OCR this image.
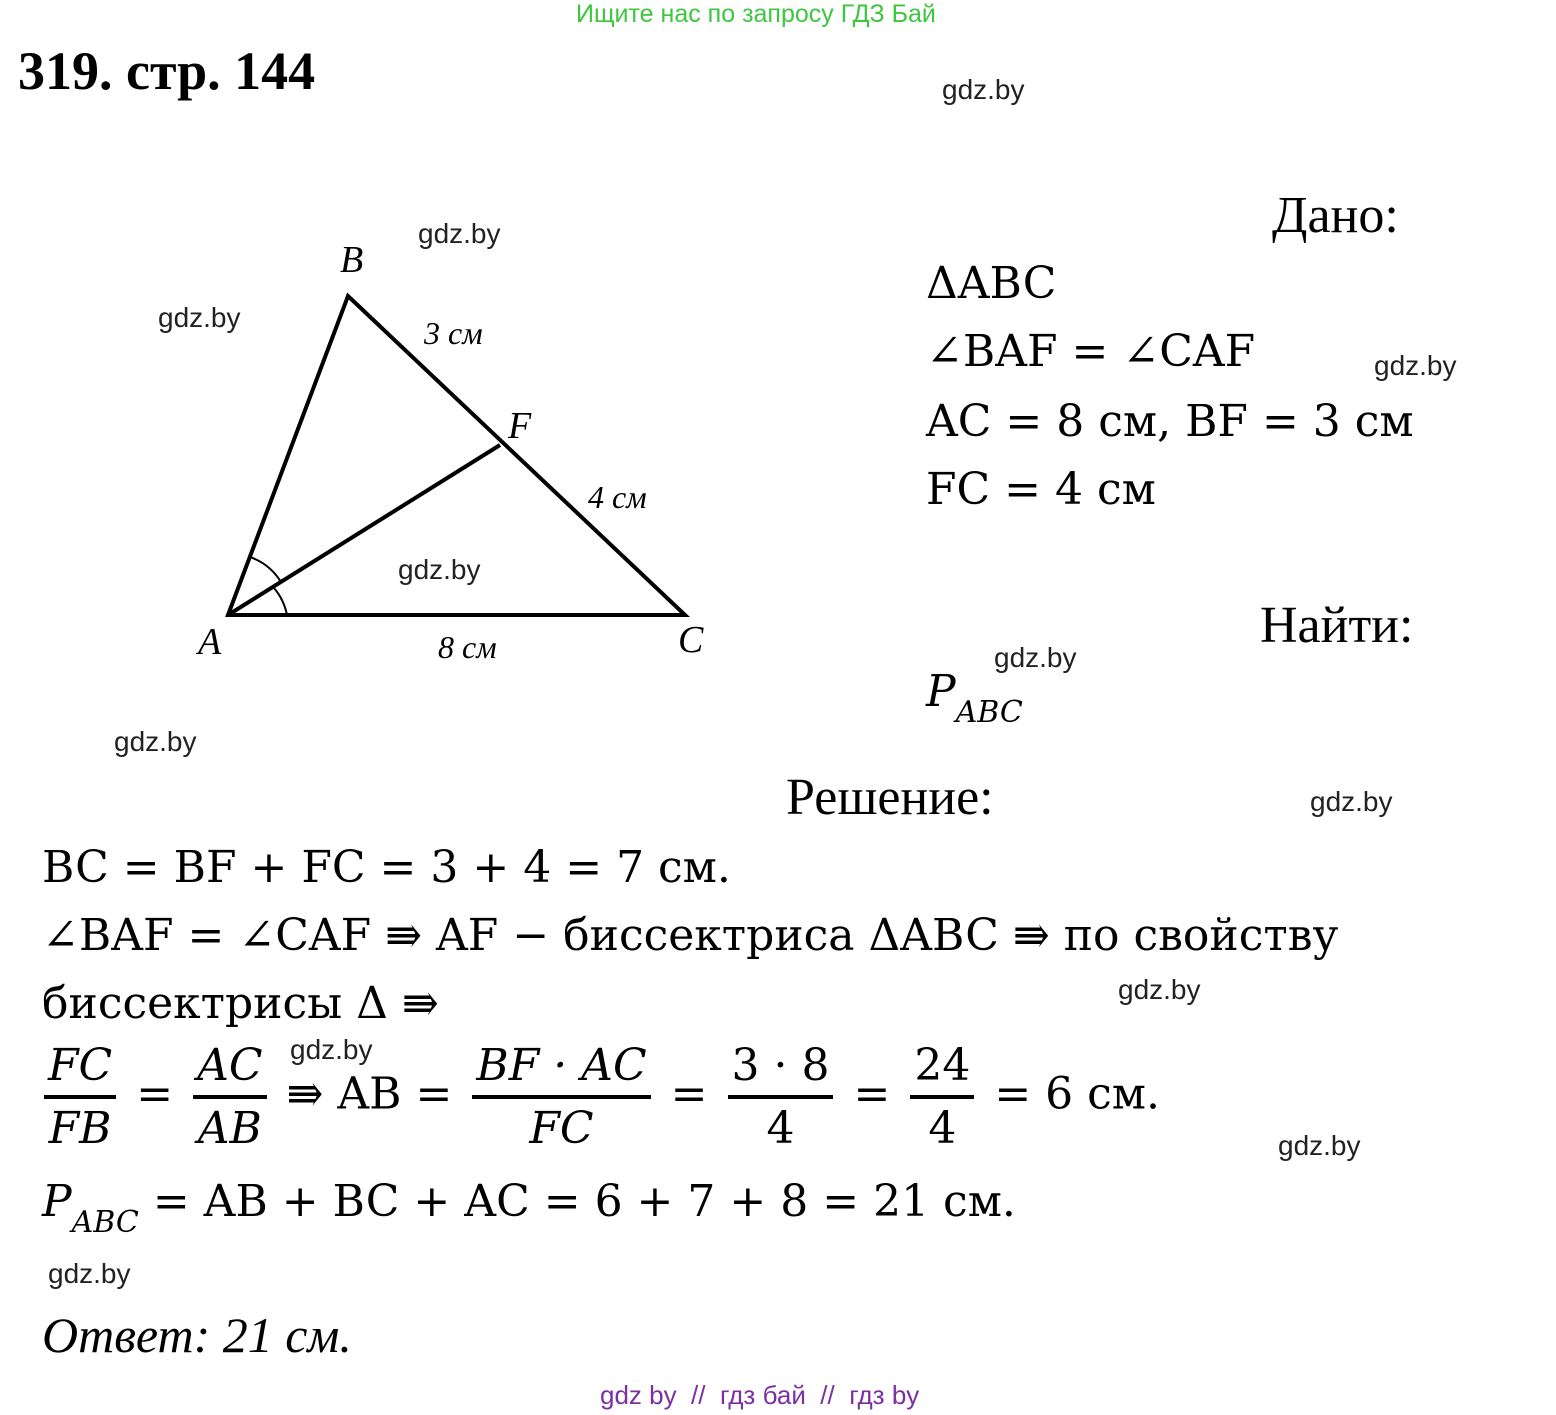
Ищите нас по запросу ГДЗ Бай
319. стр. 144	gdz.by
gdz.by
gdz.by
gdz.by
gdz.by
gdz.by
gdz.by
gdz.by
gdz.by
gdz.by
gdz.by
gdz.by
B
A	C
F
3 см
4 см
8 см
Дано:
ΔABC
∠BAF = ∠CAF
AC = 8 см, BF = 3 см
FC = 4 см
Найти:
$P_{ABC}$
Решение:
BC = BF + FC = 3 + 4 = 7 см.
∠BAF = ∠CAF ⇛ AF − биссектриса ΔABC ⇛ по свойству
биссектрисы Δ ⇛
$\frac{FC}{FB} = \frac{AC}{AB}$ ⇛ AB = $\frac{BF \cdot AC}{FC} = \frac{3 \cdot 8}{4} = \frac{24}{4} = 6$ см.
$P_{ABC}$ = AB + BC + AC = 6 + 7 + 8 = 21 см.
Ответ: 21 см.
gdz by  //  гдз бай  //  гдз by
